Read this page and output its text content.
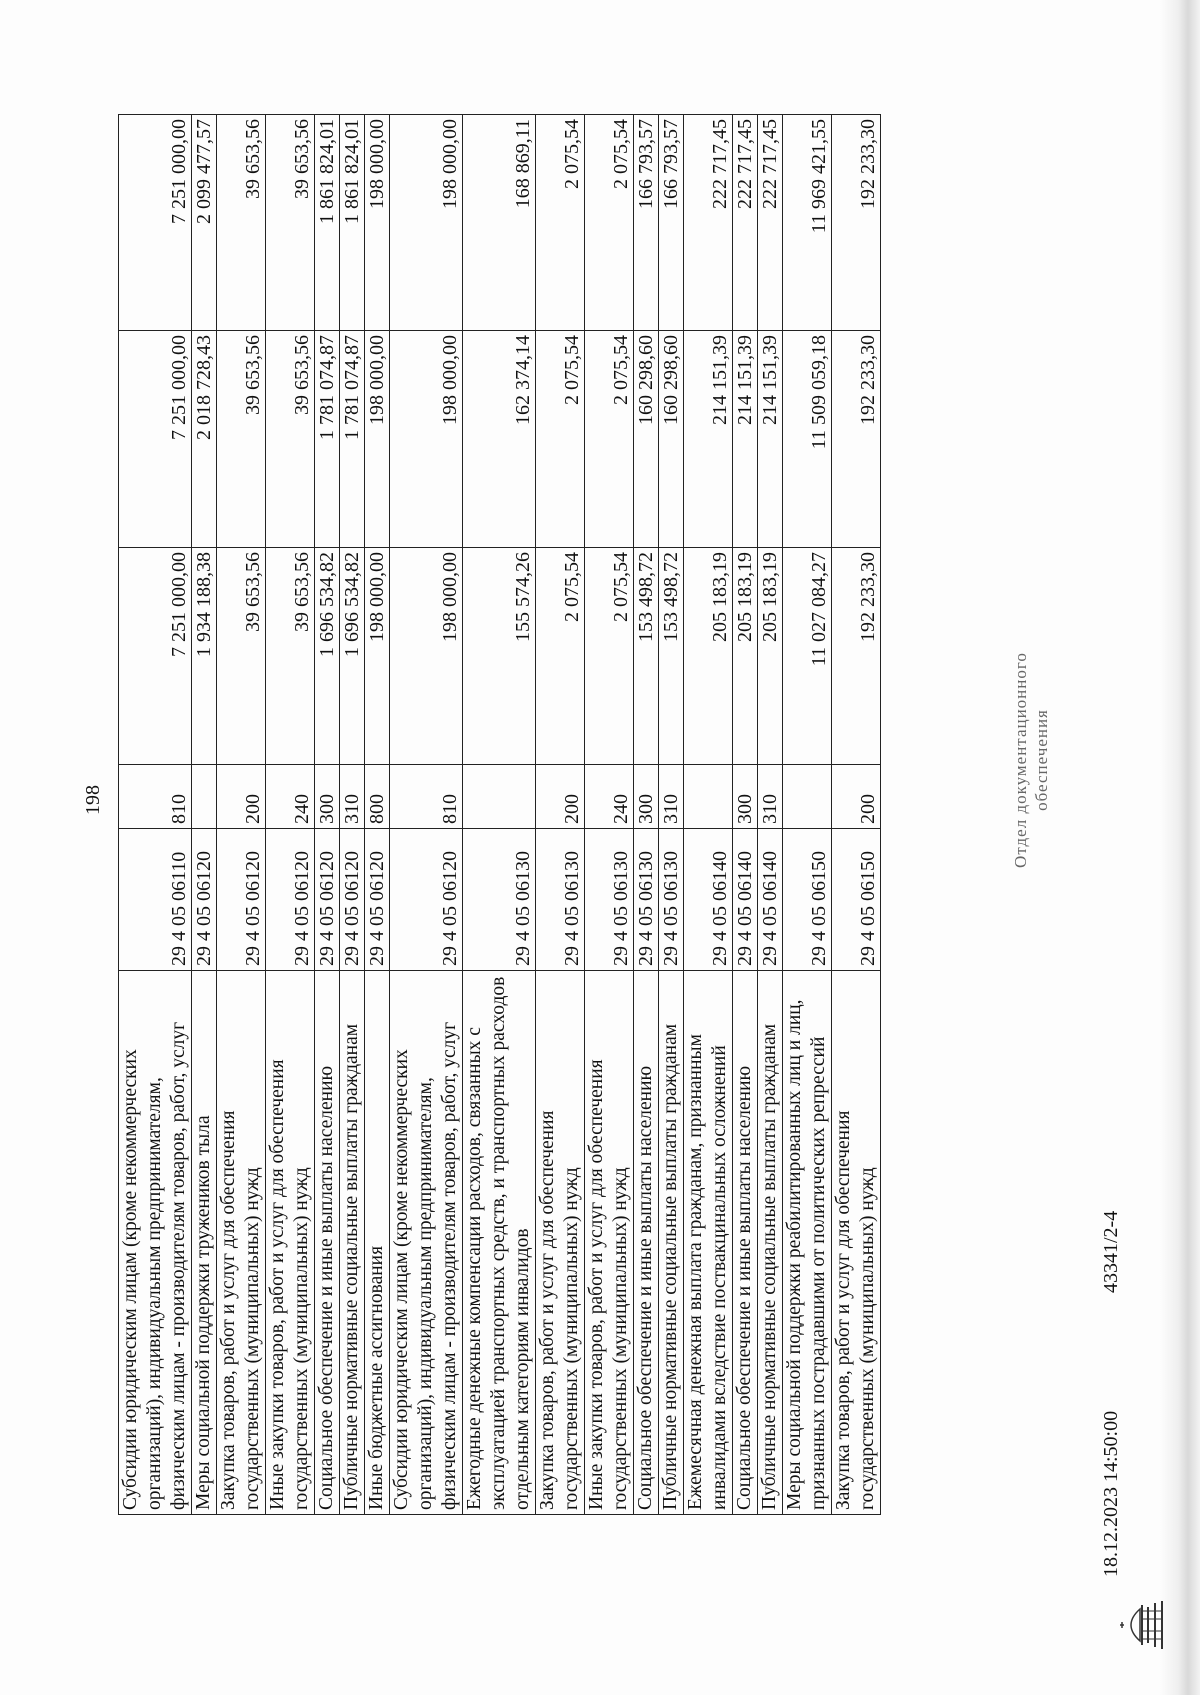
198
Субсидии юридическим лицам (кроме некоммерческих организаций), индивидуальным предпринимателям, физическим лицам - производителям товаров, работ, услуг	29 4 05 06110	810	7 251 000,00	7 251 000,00	7 251 000,00
Меры социальной поддержки тружеников тыла	29 4 05 06120		1 934 188,38	2 018 728,43	2 099 477,57
Закупка товаров, работ и услуг для обеспечения государственных (муниципальных) нужд	29 4 05 06120	200	39 653,56	39 653,56	39 653,56
Иные закупки товаров, работ и услуг для обеспечения государственных (муниципальных) нужд	29 4 05 06120	240	39 653,56	39 653,56	39 653,56
Социальное обеспечение и иные выплаты населению	29 4 05 06120	300	1 696 534,82	1 781 074,87	1 861 824,01
Публичные нормативные социальные выплаты гражданам	29 4 05 06120	310	1 696 534,82	1 781 074,87	1 861 824,01
Иные бюджетные ассигнования	29 4 05 06120	800	198 000,00	198 000,00	198 000,00
Субсидии юридическим лицам (кроме некоммерческих организаций), индивидуальным предпринимателям, физическим лицам - производителям товаров, работ, услуг	29 4 05 06120	810	198 000,00	198 000,00	198 000,00
Ежегодные денежные компенсации расходов, связанных с эксплуатацией транспортных средств, и транспортных расходов отдельным категориям инвалидов	29 4 05 06130		155 574,26	162 374,14	168 869,11
Закупка товаров, работ и услуг для обеспечения государственных (муниципальных) нужд	29 4 05 06130	200	2 075,54	2 075,54	2 075,54
Иные закупки товаров, работ и услуг для обеспечения государственных (муниципальных) нужд	29 4 05 06130	240	2 075,54	2 075,54	2 075,54
Социальное обеспечение и иные выплаты населению	29 4 05 06130	300	153 498,72	160 298,60	166 793,57
Публичные нормативные социальные выплаты гражданам	29 4 05 06130	310	153 498,72	160 298,60	166 793,57
Ежемесячная денежная выплата гражданам, признанным инвалидами вследствие поствакцинальных осложнений	29 4 05 06140		205 183,19	214 151,39	222 717,45
Социальное обеспечение и иные выплаты населению	29 4 05 06140	300	205 183,19	214 151,39	222 717,45
Публичные нормативные социальные выплаты гражданам	29 4 05 06140	310	205 183,19	214 151,39	222 717,45
Меры социальной поддержки реабилитированных лиц и лиц, признанных пострадавшими от политических репрессий	29 4 05 06150		11 027 084,27	11 509 059,18	11 969 421,55
Закупка товаров, работ и услуг для обеспечения государственных (муниципальных) нужд	29 4 05 06150	200	192 233,30	192 233,30	192 233,30
Отдел документационного обеспечения
18.12.2023 14:50:00
43341/2-4
